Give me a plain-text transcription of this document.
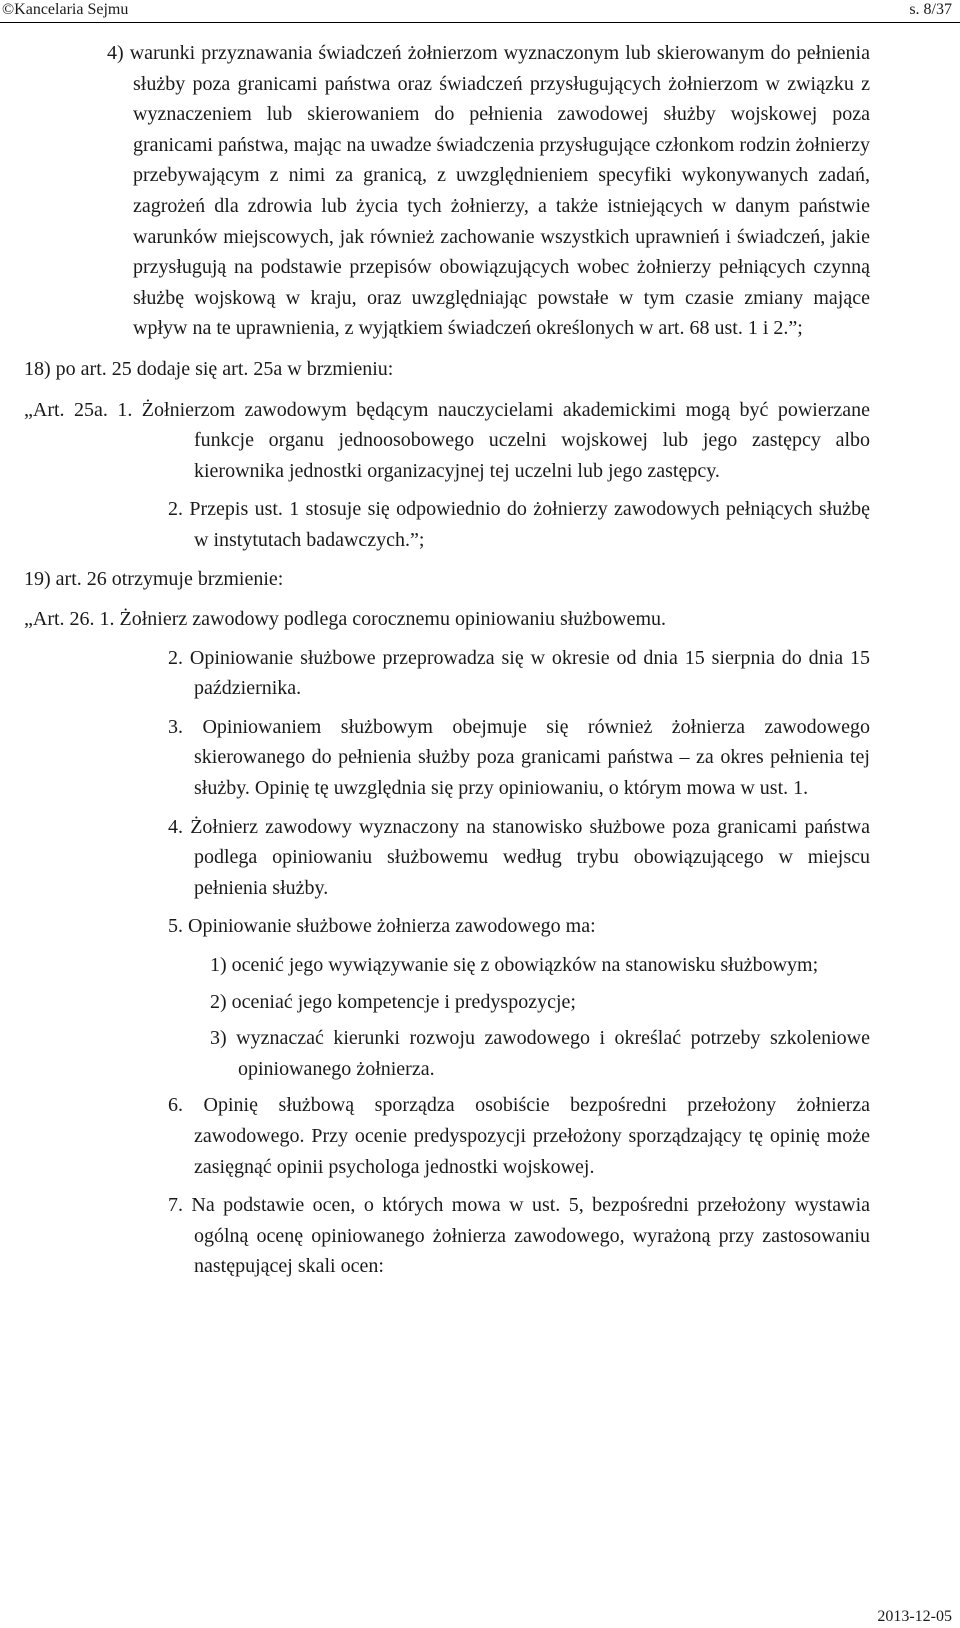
©Kancelaria Sejmu	s. 8/37

4) warunki przyznawania świadczeń żołnierzom wyznaczonym lub skierowanym do pełnienia służby poza granicami państwa oraz świadczeń przysługujących żołnierzom w związku z wyznaczeniem lub skierowaniem do pełnienia zawodowej służby wojskowej poza granicami państwa, mając na uwadze świadczenia przysługujące członkom rodzin żołnierzy przebywającym z nimi za granicą, z uwzględnieniem specyfiki wykonywanych zadań, zagrożeń dla zdrowia lub życia tych żołnierzy, a także istniejących w danym państwie warunków miejscowych, jak również zachowanie wszystkich uprawnień i świadczeń, jakie przysługują na podstawie przepisów obowiązujących wobec żołnierzy pełniących czynną służbę wojskową w kraju, oraz uwzględniając powstałe w tym czasie zmiany mające wpływ na te uprawnienia, z wyjątkiem świadczeń określonych w art. 68 ust. 1 i 2.”;

18) po art. 25 dodaje się art. 25a w brzmieniu:

„Art. 25a. 1. Żołnierzom zawodowym będącym nauczycielami akademickimi mogą być powierzane funkcje organu jednoosobowego uczelni wojskowej lub jego zastępcy albo kierownika jednostki organizacyjnej tej uczelni lub jego zastępcy.

2. Przepis ust. 1 stosuje się odpowiednio do żołnierzy zawodowych pełniących służbę w instytutach badawczych.”;

19) art. 26 otrzymuje brzmienie:

„Art. 26. 1. Żołnierz zawodowy podlega corocznemu opiniowaniu służbowemu.

2. Opiniowanie służbowe przeprowadza się w okresie od dnia 15 sierpnia do dnia 15 października.

3. Opiniowaniem służbowym obejmuje się również żołnierza zawodowego skierowanego do pełnienia służby poza granicami państwa – za okres pełnienia tej służby. Opinię tę uwzględnia się przy opiniowaniu, o którym mowa w ust. 1.

4. Żołnierz zawodowy wyznaczony na stanowisko służbowe poza granicami państwa podlega opiniowaniu służbowemu według trybu obowiązującego w miejscu pełnienia służby.

5. Opiniowanie służbowe żołnierza zawodowego ma:

1) ocenić jego wywiązywanie się z obowiązków na stanowisku służbowym;

2) oceniać jego kompetencje i predyspozycje;

3) wyznaczać kierunki rozwoju zawodowego i określać potrzeby szkoleniowe opiniowanego żołnierza.

6. Opinię służbową sporządza osobiście bezpośredni przełożony żołnierza zawodowego. Przy ocenie predyspozycji przełożony sporządzający tę opinię może zasięgnąć opinii psychologa jednostki wojskowej.

7. Na podstawie ocen, o których mowa w ust. 5, bezpośredni przełożony wystawia ogólną ocenę opiniowanego żołnierza zawodowego, wyrażoną przy zastosowaniu następującej skali ocen:

2013-12-05
